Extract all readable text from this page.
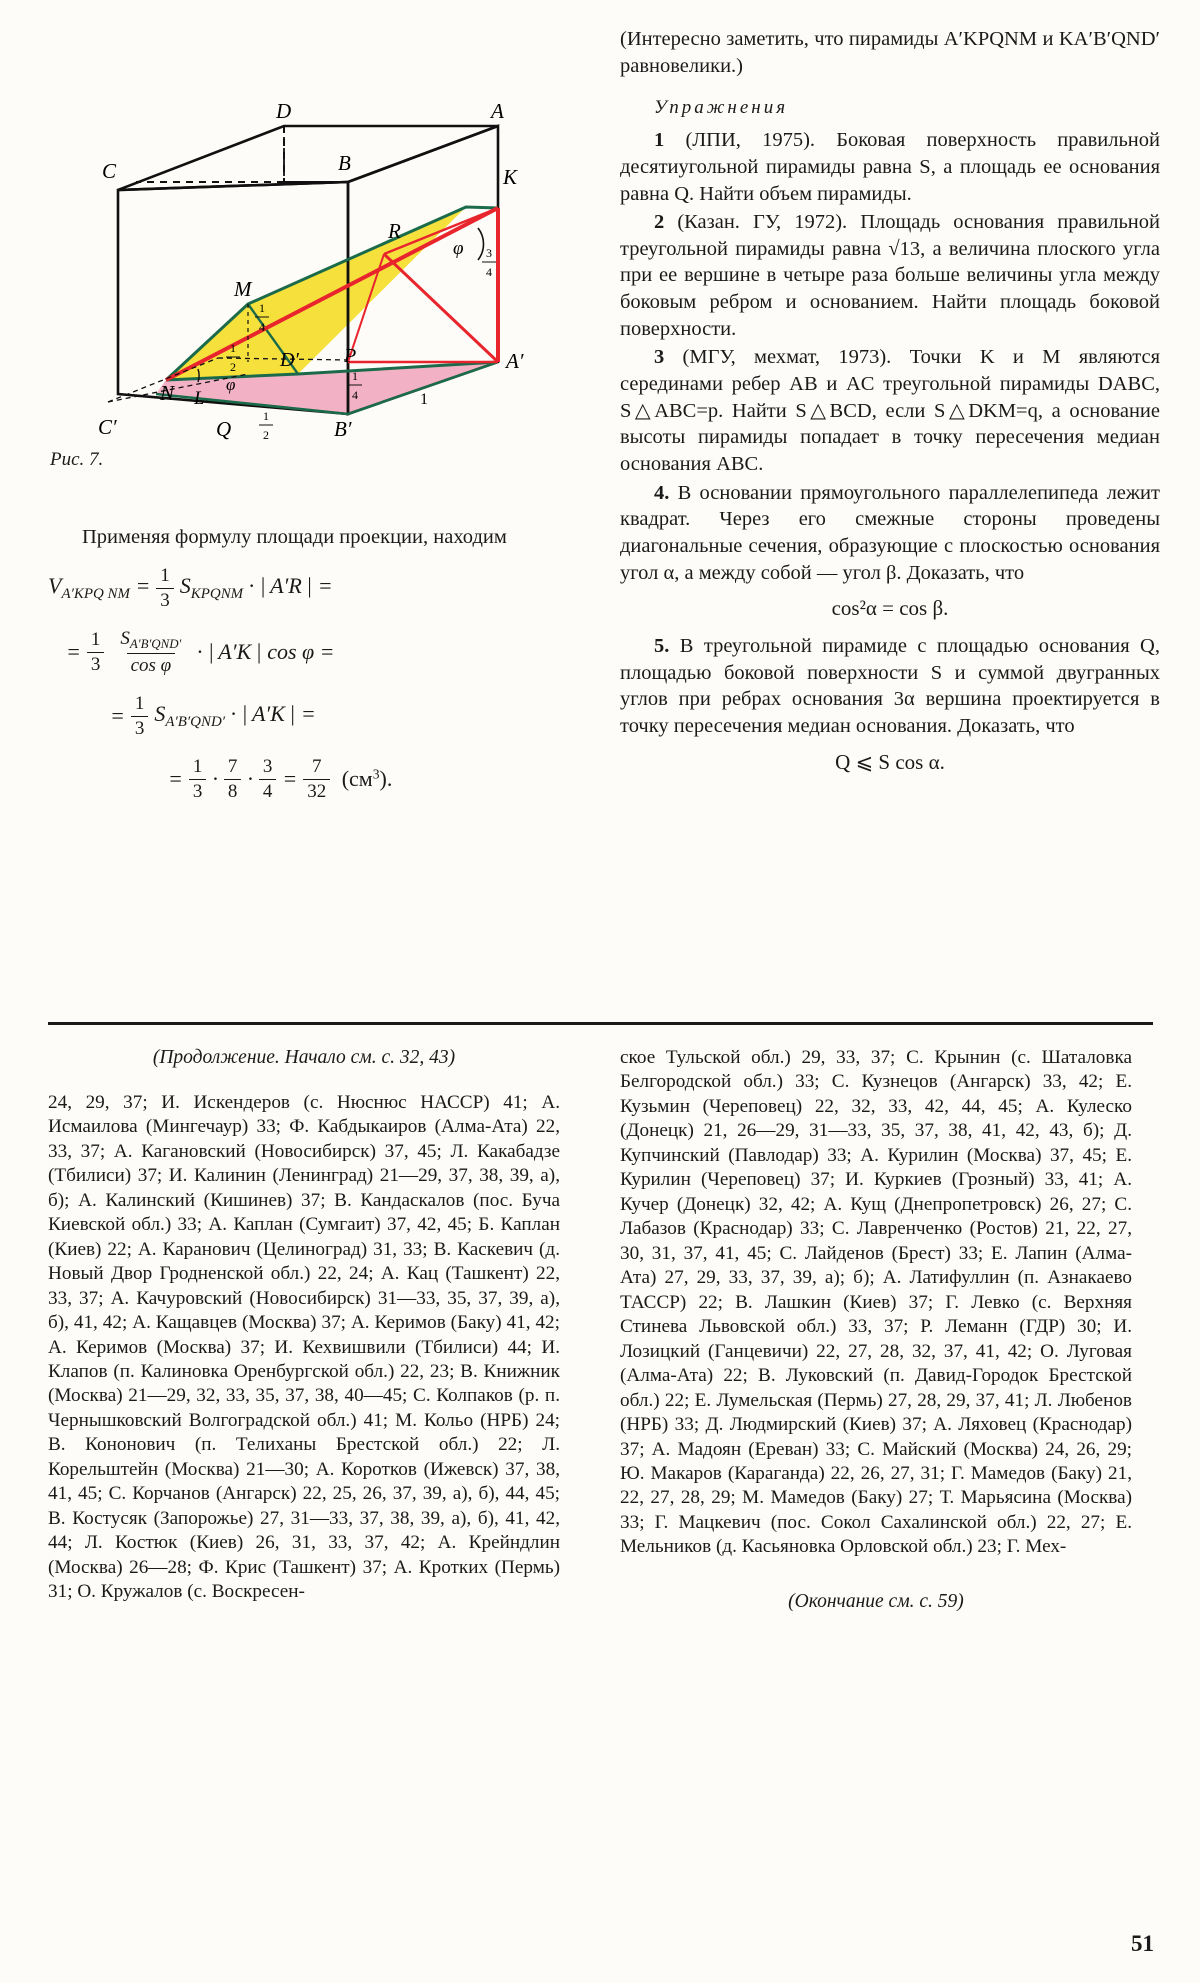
D	A
C	B
K
R
M
N L
D′ P	A′
C′	Q	B′
φ
φ
3
4
1
4
1
2
1
2
1
4	1
Рис. 7.
Применяя формулу площади проекции, находим
$V_{A'KPQ NM} = \frac{1}{3} S_{KPQNM}$ · | A′R | =
= $\frac{1}{3} \frac{S_{A'B'QND'}}{\text{cos φ}}$ · | A′K | cos φ =
= $\frac{1}{3} S_{A'B'QND'}$ · | A′K | =
= $\frac{1}{3} \cdot \frac{7}{8} \cdot \frac{3}{4} = \frac{7}{32} (см^3)$.

(Интересно заметить, что пирамиды A′KPQNM и KA′B′QND′ равновелики.)

Упражнения

1 (ЛПИ, 1975). Боковая поверхность правильной десятиугольной пирамиды равна S, а площадь ее основания равна Q. Найти объем пирамиды.

2 (Казан. ГУ, 1972). Площадь основания правильной треугольной пирамиды равна √13, а величина плоского угла при ее вершине в четыре раза больше величины угла между боковым ребром и основанием. Найти площадь боковой поверхности.

3 (МГУ, мехмат, 1973). Точки K и M являются серединами ребер AB и AC треугольной пирамиды DABC, S△ABC=p. Найти S△BCD, если S△DKM=q, а основание высоты пирамиды попадает в точку пересечения медиан основания ABC.

4. В основании прямоугольного параллелепипеда лежит квадрат. Через его смежные стороны проведены диагональные сечения, образующие с плоскостью основания угол α, а между собой — угол β. Доказать, что

cos²α = cos β.

5. В треугольной пирамиде с площадью основания Q, площадью боковой поверхности S и суммой двугранных углов при ребрах основания 3α вершина проектируется в точку пересечения медиан основания. Доказать, что

Q ⩽ S cos α.
(Продолжение. Начало см. с. 32, 43)
24, 29, 37; И. Искендеров (с. Нюснюс НАССР) 41; А. Исмаилова (Мингечаур) 33; Ф. Кабдыкаиров (Алма-Ата) 22, 33, 37; А. Кагановский (Новосибирск) 37, 45; Л. Какабадзе (Тбилиси) 37; И. Калинин (Ленинград) 21—29, 37, 38, 39, а), б); А. Калинский (Кишинев) 37; В. Кандаскалов (пос. Буча Киевской обл.) 33; А. Каплан (Сумгаит) 37, 42, 45; Б. Каплан (Киев) 22; А. Каранович (Целиноград) 31, 33; В. Каскевич (д. Новый Двор Гродненской обл.) 22, 24; А. Кац (Ташкент) 22, 33, 37; А. Качуровский (Новосибирск) 31—33, 35, 37, 39, а), б), 41, 42; А. Кащавцев (Москва) 37; А. Керимов (Баку) 41, 42; А. Керимов (Москва) 37; И. Кехвишвили (Тбилиси) 44; И. Клапов (п. Калиновка Оренбургской обл.) 22, 23; В. Книжник (Москва) 21—29, 32, 33, 35, 37, 38, 40—45; С. Колпаков (р. п. Чернышковский Волгоградской обл.) 41; М. Кольо (НРБ) 24; В. Кононович (п. Телиханы Брестской обл.) 22; Л. Корельштейн (Москва) 21—30; А. Коротков (Ижевск) 37, 38, 41, 45; С. Корчанов (Ангарск) 22, 25, 26, 37, 39, а), б), 44, 45; В. Костусяк (Запорожье) 27, 31—33, 37, 38, 39, а), б), 41, 42, 44; Л. Костюк (Киев) 26, 31, 33, 37, 42; А. Крейндлин (Москва) 26—28; Ф. Крис (Ташкент) 37; А. Кротких (Пермь) 31; О. Кружалов (с. Воскресен-
ское Тульской обл.) 29, 33, 37; С. Крынин (с. Шаталовка Белгородской обл.) 33; С. Кузнецов (Ангарск) 33, 42; Е. Кузьмин (Череповец) 22, 32, 33, 42, 44, 45; А. Кулеско (Донецк) 21, 26—29, 31—33, 35, 37, 38, 41, 42, 43, б); Д. Купчинский (Павлодар) 33; А. Курилин (Москва) 37, 45; Е. Курилин (Череповец) 37; И. Куркиев (Грозный) 33, 41; А. Кучер (Донецк) 32, 42; А. Кущ (Днепропетровск) 26, 27; С. Лабазов (Краснодар) 33; С. Лавренченко (Ростов) 21, 22, 27, 30, 31, 37, 41, 45; С. Лайденов (Брест) 33; Е. Лапин (Алма-Ата) 27, 29, 33, 37, 39, а); б); А. Латифуллин (п. Азнакаево ТАССР) 22; В. Лашкин (Киев) 37; Г. Левко (с. Верхняя Стинева Львовской обл.) 33, 37; Р. Леманн (ГДР) 30; И. Лозицкий (Ганцевичи) 22, 27, 28, 32, 37, 41, 42; О. Луговая (Алма-Ата) 22; В. Луковский (п. Давид-Городок Брестской обл.) 22; Е. Лумельская (Пермь) 27, 28, 29, 37, 41; Л. Любенов (НРБ) 33; Д. Людмирский (Киев) 37; А. Ляховец (Краснодар) 37; А. Мадоян (Ереван) 33; С. Майский (Москва) 24, 26, 29; Ю. Макаров (Караганда) 22, 26, 27, 31; Г. Мамедов (Баку) 21, 22, 27, 28, 29; М. Мамедов (Баку) 27; Т. Марьясина (Москва) 33; Г. Мацкевич (пос. Сокол Сахалинской обл.) 22, 27; Е. Мельников (д. Касьяновка Орловской обл.) 23; Г. Мех-
(Окончание см. с. 59)
51
